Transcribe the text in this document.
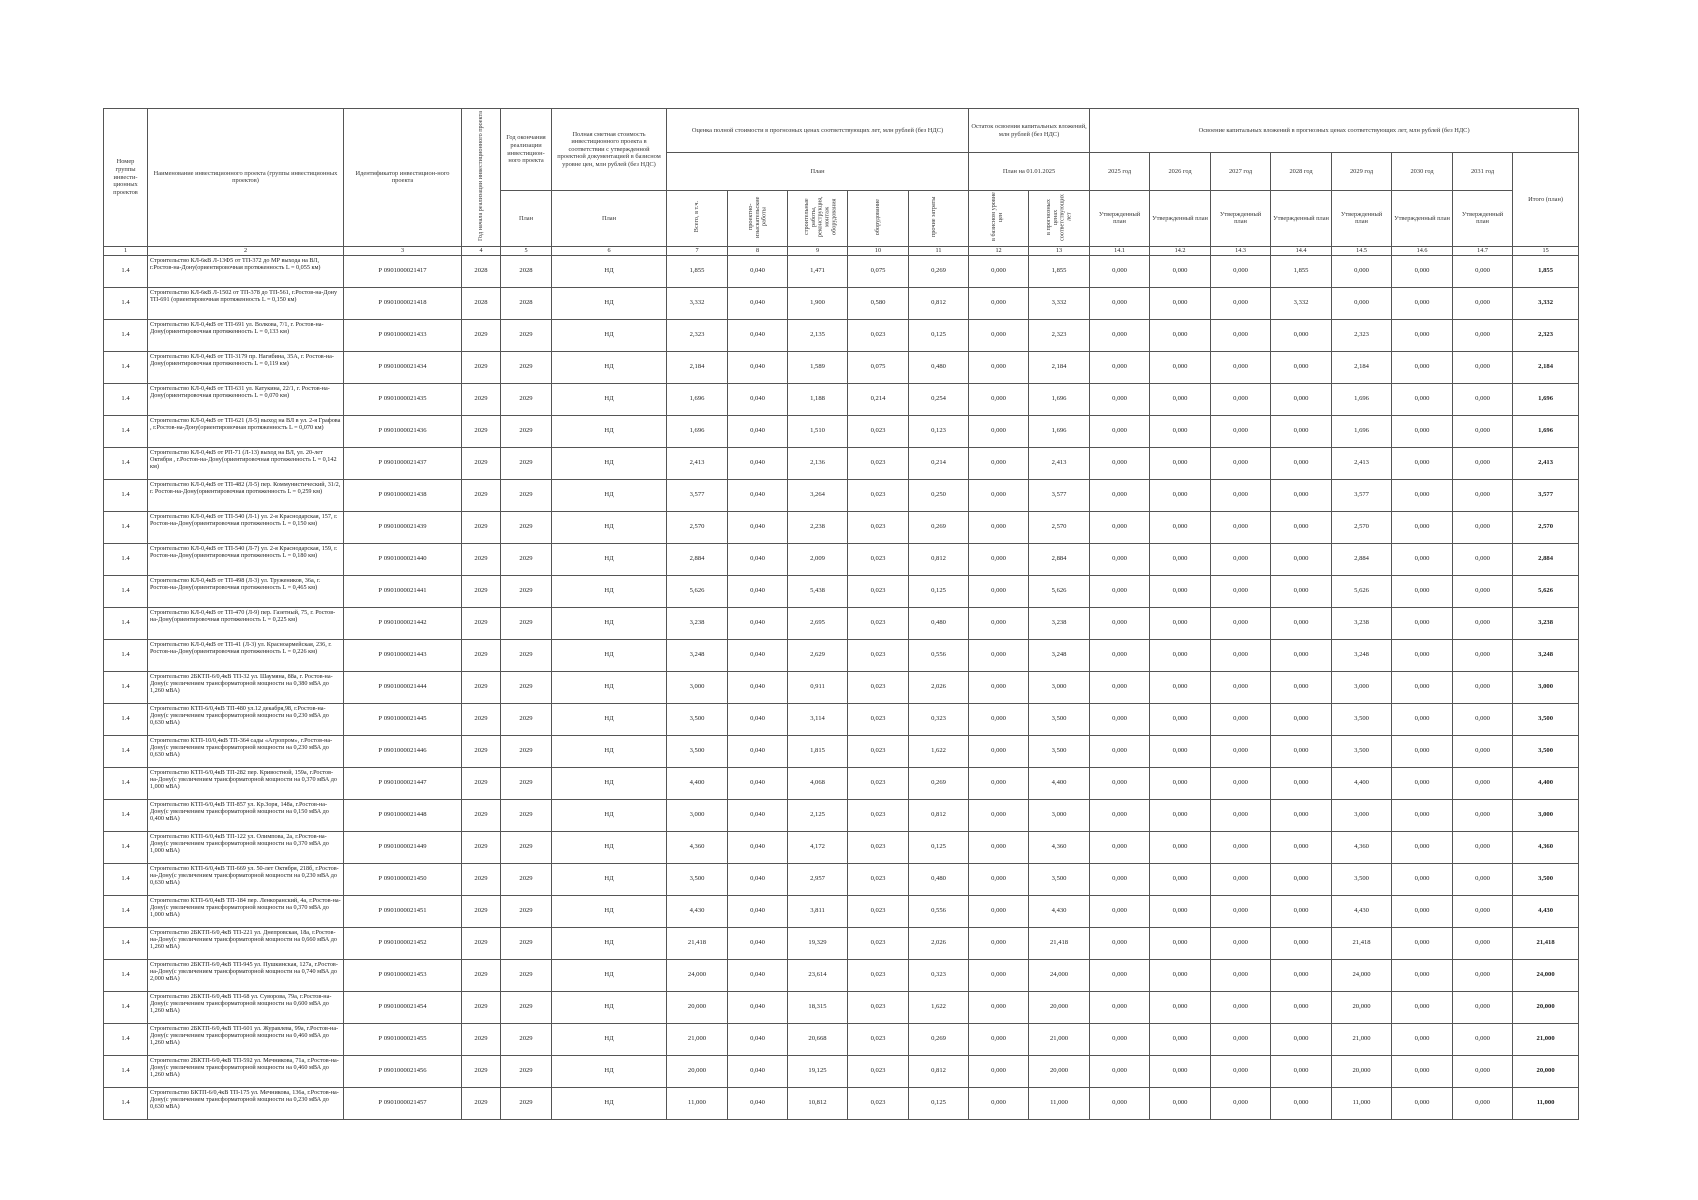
Номер группы инвести-ционных проектов	Наименование инвестиционного проекта (группы инвестиционных проектов)	Идентификатор инвестицион-ного проекта	Год начала реализации инвестиционного проекта	Год окончания реализации инвестицион-ного проекта	Полная сметная стоимость инвестиционного проекта в соответствии с утвержденной проектной документацией в базисном уровне цен, млн рублей (без НДС)	Оценка полной стоимости в прогнозных ценах соответствующих лет, млн рублей (без НДС)					Остаток освоения капитальных вложений, млн рублей (без НДС)		Освоение капитальных вложений в прогнозных ценах соответствующих лет, млн рублей (без НДС)							
						План					План на 01.01.2025		2025 год	2026 год	2027 год	2028 год	2029 год	2030 год	2031 год	Итого (план)
				План	План	Всего, в т.ч.	проектно-изыскательские работы	строительные работы, реконструкция, монтаж оборудования	оборудование	прочие затраты	в базисном уровне цен	в прогнозных ценах соответствующих лет	Утвержденный план	Утвержденный план	Утвержденный план	Утвержденный план	Утвержденный план	Утвержденный план	Утвержденный план	
1	2	3	4	5	6	7	8	9	10	11	12	13	14.1	14.2	14.3	14.4	14.5	14.6	14.7	15
1.4	Строительство КЛ-6кВ Л-13Ф5 от ТП-372 до МР выхода на ВЛ, г.Ростов-на-Дону(ориентировочная протяженность L = 0,055 км)	Р 0901000021417	2028	2028	НД	1,855	0,040	1,471	0,075	0,269	0,000	1,855	0,000	0,000	0,000	1,855	0,000	0,000	0,000	1,855
1.4	Строительство КЛ-6кВ Л-1502 от ТП-378 до ТП-561, г.Ростов-на-Дону ТП-691 (ориентировочная протяженность L = 0,150 км)	Р 0901000021418	2028	2028	НД	3,332	0,040	1,900	0,580	0,812	0,000	3,332	0,000	0,000	0,000	3,332	0,000	0,000	0,000	3,332
1.4	Строительство КЛ-0,4кВ от ТП-691 ул. Волкова, 7/1, г. Ростов-на-Дону(ориентировочная протяженность L = 0,133 км)	Р 0901000021433	2029	2029	НД	2,323	0,040	2,135	0,023	0,125	0,000	2,323	0,000	0,000	0,000	0,000	2,323	0,000	0,000	2,323
1.4	Строительство КЛ-0,4кВ от ТП-3179 пр. Нагибина, 35А, г. Ростов-на-Дону(ориентировочная протяженность L = 0,119 км)	Р 0901000021434	2029	2029	НД	2,184	0,040	1,589	0,075	0,480	0,000	2,184	0,000	0,000	0,000	0,000	2,184	0,000	0,000	2,184
1.4	Строительство КЛ-0,4кВ от ТП-631 ул. Катукина, 22/1, г. Ростов-на-Дону(ориентировочная протяженность L = 0,070 км)	Р 0901000021435	2029	2029	НД	1,696	0,040	1,188	0,214	0,254	0,000	1,696	0,000	0,000	0,000	0,000	1,696	0,000	0,000	1,696
1.4	Строительство КЛ-0,4кВ от ТП-621 (Л-5) выход на ВЛ в ул. 2-я Графова , г.Ростов-на-Дону(ориентировочная протяженность L = 0,070 км)	Р 0901000021436	2029	2029	НД	1,696	0,040	1,510	0,023	0,123	0,000	1,696	0,000	0,000	0,000	0,000	1,696	0,000	0,000	1,696
1.4	Строительство КЛ-0,4кВ от РП-71 (Л-13) выход на ВЛ, ул. 20-лет Октября , г.Ростов-на-Дону(ориентировочная протяженность L = 0,142 км)	Р 0901000021437	2029	2029	НД	2,413	0,040	2,136	0,023	0,214	0,000	2,413	0,000	0,000	0,000	0,000	2,413	0,000	0,000	2,413
1.4	Строительство КЛ-0,4кВ от ТП-482 (Л-5) пер. Коммунистический, 31/2, г. Ростов-на-Дону(ориентировочная протяженность L = 0,259 км)	Р 0901000021438	2029	2029	НД	3,577	0,040	3,264	0,023	0,250	0,000	3,577	0,000	0,000	0,000	0,000	3,577	0,000	0,000	3,577
1.4	Строительство КЛ-0,4кВ от ТП-540 (Л-1) ул. 2-я Краснодарская, 157, г. Ростов-на-Дону(ориентировочная протяженность L = 0,150 км)	Р 0901000021439	2029	2029	НД	2,570	0,040	2,238	0,023	0,269	0,000	2,570	0,000	0,000	0,000	0,000	2,570	0,000	0,000	2,570
1.4	Строительство КЛ-0,4кВ от ТП-540 (Л-7) ул. 2-я Краснодарская, 159, г. Ростов-на-Дону(ориентировочная протяженность L = 0,180 км)	Р 0901000021440	2029	2029	НД	2,884	0,040	2,009	0,023	0,812	0,000	2,884	0,000	0,000	0,000	0,000	2,884	0,000	0,000	2,884
1.4	Строительство КЛ-0,4кВ от ТП-498 (Л-3) ул. Тружеников, 36а, г. Ростов-на-Дону(ориентировочная протяженность L = 0,465 км)	Р 0901000021441	2029	2029	НД	5,626	0,040	5,438	0,023	0,125	0,000	5,626	0,000	0,000	0,000	0,000	5,626	0,000	0,000	5,626
1.4	Строительство КЛ-0,4кВ от ТП-470 (Л-9) пер. Газетный, 75, г. Ростов-на-Дону(ориентировочная протяженность L = 0,225 км)	Р 0901000021442	2029	2029	НД	3,238	0,040	2,695	0,023	0,480	0,000	3,238	0,000	0,000	0,000	0,000	3,238	0,000	0,000	3,238
1.4	Строительство КЛ-0,4кВ от ТП-41 (Л-3) ул. Красноармейская, 236, г. Ростов-на-Дону(ориентировочная протяженность L = 0,226 км)	Р 0901000021443	2029	2029	НД	3,248	0,040	2,629	0,023	0,556	0,000	3,248	0,000	0,000	0,000	0,000	3,248	0,000	0,000	3,248
1.4	Строительство 2БКТП-6/0,4кВ ТП-32 ул. Шаумяна, 88а, г. Ростов-на-Дону(с увеличением трансформаторной мощности на 0,380 мВА до 1,260 мВА)	Р 0901000021444	2029	2029	НД	3,000	0,040	0,911	0,023	2,026	0,000	3,000	0,000	0,000	0,000	0,000	3,000	0,000	0,000	3,000
1.4	Строительство КТП-6/0,4кВ ТП-480 ул.12 декабря,98, г.Ростов-на-Дону(с увеличением трансформаторной мощности на 0,230 мВА до 0,630 мВА)	Р 0901000021445	2029	2029	НД	3,500	0,040	3,114	0,023	0,323	0,000	3,500	0,000	0,000	0,000	0,000	3,500	0,000	0,000	3,500
1.4	Строительство КТП-10/0,4кВ ТП-364 сады «Агропром», г.Ростов-на-Дону(с увеличением трансформаторной мощности на 0,230 мВА до 0,630 мВА)	Р 0901000021446	2029	2029	НД	3,500	0,040	1,815	0,023	1,622	0,000	3,500	0,000	0,000	0,000	0,000	3,500	0,000	0,000	3,500
1.4	Строительство КТП-6/0,4кВ ТП-282 пер. Кривостной, 159а, г.Ростов-на-Дону(с увеличением трансформаторной мощности на 0,370 мВА до 1,000 мВА)	Р 0901000021447	2029	2029	НД	4,400	0,040	4,068	0,023	0,269	0,000	4,400	0,000	0,000	0,000	0,000	4,400	0,000	0,000	4,400
1.4	Строительство КТП-6/0,4кВ ТП-857 ул. Кр.Зоря, 148а, г.Ростов-на-Дону(с увеличением трансформаторной мощности на 0,150 мВА до 0,400 мВА)	Р 0901000021448	2029	2029	НД	3,000	0,040	2,125	0,023	0,812	0,000	3,000	0,000	0,000	0,000	0,000	3,000	0,000	0,000	3,000
1.4	Строительство КТП-6/0,4кВ ТП-122 ул. Олимпова, 2а, г.Ростов-на-Дону(с увеличением трансформаторной мощности на 0,370 мВА до 1,000 мВА)	Р 0901000021449	2029	2029	НД	4,360	0,040	4,172	0,023	0,125	0,000	4,360	0,000	0,000	0,000	0,000	4,360	0,000	0,000	4,360
1.4	Строительство КТП-6/0,4кВ ТП-669 ул. 50-лет Октября, 218б, г.Ростов-на-Дону(с увеличением трансформаторной мощности на 0,230 мВА до 0,630 мВА)	Р 0901000021450	2029	2029	НД	3,500	0,040	2,957	0,023	0,480	0,000	3,500	0,000	0,000	0,000	0,000	3,500	0,000	0,000	3,500
1.4	Строительство КТП-6/0,4кВ ТП-184 пер. Ленкоранский, 4а, г.Ростов-на-Дону(с увеличением трансформаторной мощности на 0,370 мВА до 1,000 мВА)	Р 0901000021451	2029	2029	НД	4,430	0,040	3,811	0,023	0,556	0,000	4,430	0,000	0,000	0,000	0,000	4,430	0,000	0,000	4,430
1.4	Строительство 2БКТП-6/0,4кВ ТП-221 ул. Днепровская, 18а, г.Ростов-на-Дону(с увеличением трансформаторной мощности на 0,660 мВА до 1,260 мВА)	Р 0901000021452	2029	2029	НД	21,418	0,040	19,329	0,023	2,026	0,000	21,418	0,000	0,000	0,000	0,000	21,418	0,000	0,000	21,418
1.4	Строительство 2БКТП-6/0,4кВ ТП-945 ул. Пушкинская, 127а, г.Ростов-на-Дону(с увеличением трансформаторной мощности на 0,740 мВА до 2,000 мВА)	Р 0901000021453	2029	2029	НД	24,000	0,040	23,614	0,023	0,323	0,000	24,000	0,000	0,000	0,000	0,000	24,000	0,000	0,000	24,000
1.4	Строительство 2БКТП-6/0,4кВ ТП-68 ул. Суворова, 79а, г.Ростов-на-Дону(с увеличением трансформаторной мощности на 0,600 мВА до 1,260 мВА)	Р 0901000021454	2029	2029	НД	20,000	0,040	18,315	0,023	1,622	0,000	20,000	0,000	0,000	0,000	0,000	20,000	0,000	0,000	20,000
1.4	Строительство 2БКТП-6/0,4кВ ТП-601 ул. Журавлева, 99а, г.Ростов-на-Дону(с увеличением трансформаторной мощности на 0,460 мВА до 1,260 мВА)	Р 0901000021455	2029	2029	НД	21,000	0,040	20,668	0,023	0,269	0,000	21,000	0,000	0,000	0,000	0,000	21,000	0,000	0,000	21,000
1.4	Строительство 2БКТП-6/0,4кВ ТП-592 ул. Мечникова, 71а, г.Ростов-на-Дону(с увеличением трансформаторной мощности на 0,460 мВА до 1,260 мВА)	Р 0901000021456	2029	2029	НД	20,000	0,040	19,125	0,023	0,812	0,000	20,000	0,000	0,000	0,000	0,000	20,000	0,000	0,000	20,000
1.4	Строительство БКТП-6/0,4кВ ТП-175 ул. Мечникова, 136а, г.Ростов-на-Дону(с увеличением трансформаторной мощности на 0,230 мВА до 0,630 мВА)	Р 0901000021457	2029	2029	НД	11,000	0,040	10,812	0,023	0,125	0,000	11,000	0,000	0,000	0,000	0,000	11,000	0,000	0,000	11,000
